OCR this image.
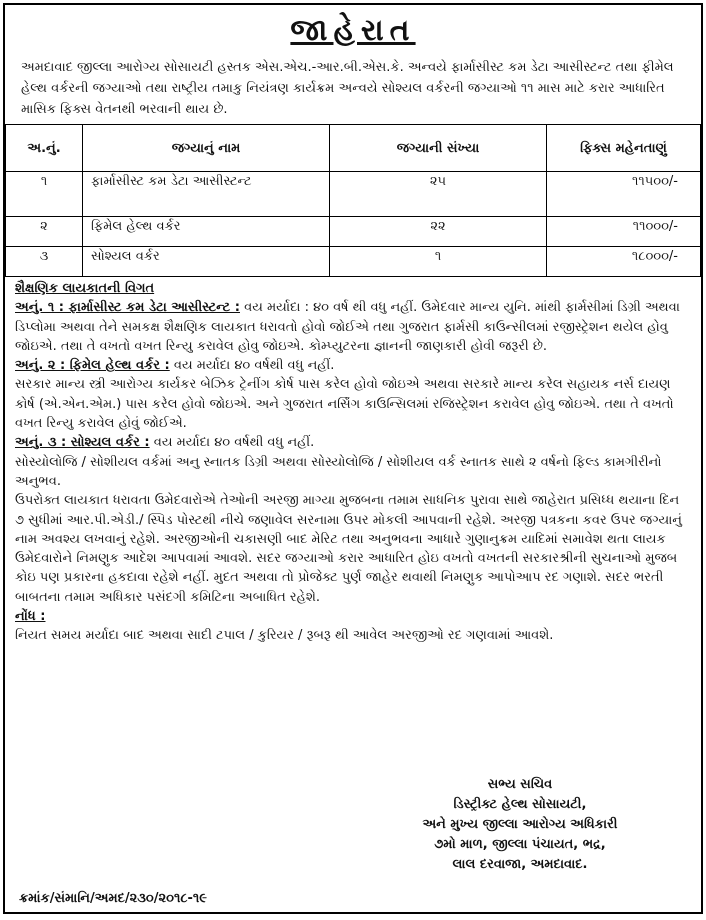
જાહેરાત
અમદાવાદ જીલ્લા આરોગ્ય સોસાયટી હસ્તક એસ.એચ.-આર.બી.એસ.કે. અન્વયે ફાર્માસીસ્ટ કમ ડેટા આસીસ્ટન્ટ તથા ફીમેલ હેલ્થ વર્કરની જગ્યાઓ તથા રાષ્ટ્રીય તમાકુ નિયંત્રણ કાર્યક્રમ અન્વયે સોશ્યલ વર્કરની જગ્યાઓ ૧૧ માસ માટે કરાર આધારિત માસિક ફિક્સ વેતનથી ભરવાની થાય છે.
અ.નું.	જગ્યાનું નામ	જગ્યાની સંખ્યા	ફિક્સ મહેનતાણું
૧	ફાર્માસીસ્ટ કમ ડેટા આસીસ્ટન્ટ	૨૫	૧૧૫૦૦/-
૨	ફિમેલ હેલ્થ વર્કર	૨૨	૧૧૦૦૦/-
૩	સોશ્યલ વર્કર	૧	૧૮૦૦૦/-
શૈક્ષણિક લાયકાતની વિગત
અનું. ૧ : ફાર્માસીસ્ટ કમ ડેટા આસીસ્ટન્ટ : વય મર્યાદા : ૪૦ વર્ષ થી વધુ નહીં. ઉમેદવાર માન્ય યુનિ. માંથી ફાર્મસીમાં ડિગ્રી અથવા ડિપ્લોમા અથવા તેને સમકક્ષ શૈક્ષણિક લાયકાત ધરાવતો હોવો જોઈએ તથા ગુજરાત ફાર્મસી કાઉન્સીલમાં રજીસ્ટ્રેશન થયેલ હોવુ જોઇએ. તથા તે વખતો વખત રિન્યુ કરાવેલ હોવુ જોઇએ. કોમ્પ્યુટરના જ્ઞાનની જાણકારી હોવી જરૂરી છે.
અનું. ૨ : ફિમેલ હેલ્થ વર્કર : વય મર્યાદા ૪૦ વર્ષથી વધુ નહીં.
સરકાર માન્ય સ્ત્રી આરોગ્ય કાર્યકર બેઝિક ટ્રેનીંગ કોર્ષ પાસ કરેલ હોવો જોઇએ અથવા સરકારે માન્ય કરેલ સહાયક નર્સ દાયણ કોર્ષ (એ.એન.એમ.) પાસ કરેલ હોવો જોઇએ. અને ગુજરાત નર્સિંગ કાઉન્સિલમાં રજિસ્ટ્રેશન કરાવેલ હોવુ જોઇએ. તથા તે વખતો વખત રિન્યુ કરાવેલ હોવું જોઈએ.
અનું. ૩ : સોશ્યલ વર્કર : વય મર્યાદા ૪૦ વર્ષથી વધુ નહીં.
સોસ્યોલોજિ / સોશીયલ વર્કમાં અનુ સ્નાતક ડિગ્રી અથવા સોસ્યોલોજિ / સોશીયલ વર્ક સ્નાતક સાથે ૨ વર્ષનો ફિલ્ડ કામગીરીનો અનુભવ.
ઉપરોક્ત લાયકાત ધરાવતા ઉમેદવારોએ તેઓની અરજી માગ્યા મુજબના તમામ સાધનિક પુરાવા સાથે જાહેરાત પ્રસિધ્ધ થયાના દિન ૭ સુધીમાં આર.પી.એડી./ સ્પિડ પોસ્ટથી નીચે જણાવેલ સરનામા ઉપર મોકલી આપવાની રહેશે. અરજી પત્રકના કવર ઉપર જગ્યાનું નામ અવશ્ય લખવાનું રહેશે. અરજીઓની ચકાસણી બાદ મેરિટ તથા અનુભવના આધારે ગુણાનુક્રમ યાદિમાં સમાવેશ થતા લાયક ઉમેદવારોને નિમણુક આદેશ આપવામાં આવશે. સદર જગ્યાઓ કરાર આધારિત હોઇ વખતો વખતની સરકારશ્રીની સુચનાઓ મુજબ કોઇ પણ પ્રકારના હકદાવા રહેશે નહીં. મુદત અથવા તો પ્રોજેક્ટ પુર્ણ જાહેર થવાથી નિમણુક આપોઆપ રદ ગણાશે. સદર ભરતી બાબતના તમામ અધિકાર પસંદગી કમિટિના અબાધિત રહેશે.
નોંધ :
નિયત સમય મર્યાદા બાદ અથવા સાદી ટપાલ / કુરિયર / રૂબરૂ થી આવેલ અરજીઓ રદ ગણવામાં આવશે.
સભ્ય સચિવ
ડિસ્ટ્રીક્ટ હેલ્થ સોસાયટી,
અને મુખ્ય જીલ્લા આરોગ્ય અધિકારી
૭મો માળ, જીલ્લા પંચાયત, ભદ્ર,
લાલ દરવાજા, અમદાવાદ.
ક્રમાંક/સંમાનિ/અમદ/૨૩૦/૨૦૧૮-૧૯
